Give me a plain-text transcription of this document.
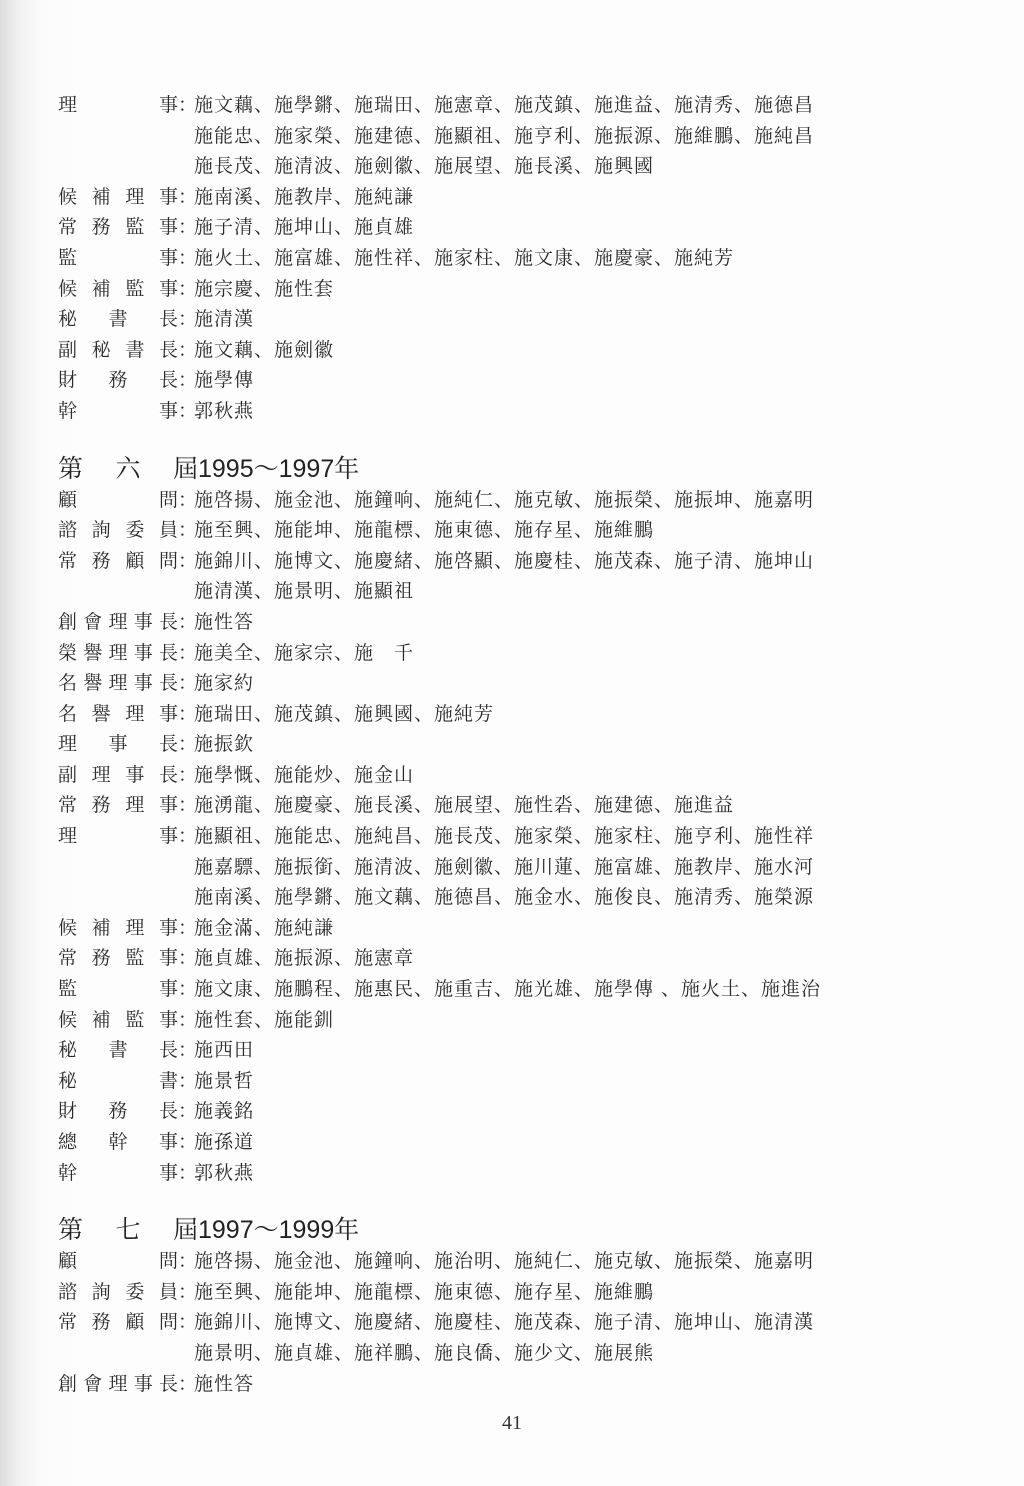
理	事 ：
施文藕、施學鏘、施瑞田、施憲章、施茂鎮、施進益、施清秀、施德昌
施能忠、施家榮、施建德、施顯祖、施亨利、施振源、施維鵬、施純昌
施長茂、施清波、施劍徽、施展望、施長溪、施興國
候 補 理 事 ：
施南溪、施教岸、施純謙
常 務 監 事 ：
施子清、施坤山、施貞雄
監	事 ：
施火土、施富雄、施性祥、施家柱、施文康、施慶豪、施純芳
候 補 監 事 ：
施宗慶、施性套
秘 書 長 ：
施清漢
副 秘 書 長 ：
施文藕、施劍徽
財 務 長 ：
施學傳
幹	事 ：
郭秋燕
第 六 屆 1995～1997年
顧	問 ：
施啓揚、施金池、施鐘响、施純仁、施克敏、施振榮、施振坤、施嘉明
諮 詢 委 員 ：
施至興、施能坤、施龍標、施東德、施存星、施維鵬
常 務 顧 問 ：
施錦川、施博文、施慶緒、施啓顯、施慶桂、施茂森、施子清、施坤山
施清漢、施景明、施顯祖
創 會 理 事 長 ：
施性答
榮 譽 理 事 長 ：
施美全、施家宗、施　千
名 譽 理 事 長 ：
施家約
名 譽 理 事 ：
施瑞田、施茂鎮、施興國、施純芳
理 事 長 ：
施振欽
副 理 事 長 ：
施學慨、施能炒、施金山
常 務 理 事 ：
施湧龍、施慶豪、施長溪、施展望、施性沯、施建德、施進益
理	事 ：
施顯祖、施能忠、施純昌、施長茂、施家榮、施家柱、施亨利、施性祥
施嘉驃、施振銜、施清波、施劍徽、施川蓮、施富雄、施教岸、施水河
施南溪、施學鏘、施文藕、施德昌、施金水、施俊良、施清秀、施榮源
候 補 理 事 ：
施金滿、施純謙
常 務 監 事 ：
施貞雄、施振源、施憲章
監	事 ：
施文康、施鵬程、施惠民、施重吉、施光雄、施學傳 、施火土、施進治
候 補 監 事 ：
施性套、施能釧
秘 書 長 ：
施西田
秘	書 ：
施景哲
財 務 長 ：
施義銘
總 幹 事 ：
施孫道
幹	事 ：
郭秋燕
第 七 屆 1997～1999年
顧	問 ：
施啓揚、施金池、施鐘响、施治明、施純仁、施克敏、施振榮、施嘉明
諮 詢 委 員 ：
施至興、施能坤、施龍標、施東德、施存星、施維鵬
常 務 顧 問 ：
施錦川、施博文、施慶緒、施慶桂、施茂森、施子清、施坤山、施清漢
施景明、施貞雄、施祥鵬、施良僑、施少文、施展熊
創 會 理 事 長 ：
施性答
41
